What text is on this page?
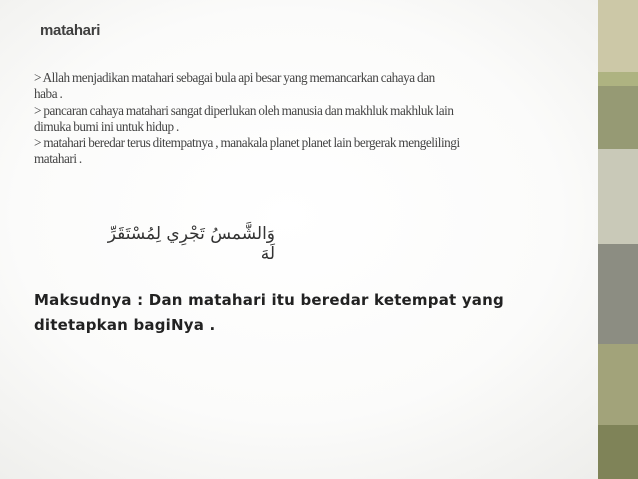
matahari
> Allah menjadikan matahari sebagai bula api besar yang memancarkan cahaya dan
haba .
> pancaran cahaya matahari sangat diperlukan oleh manusia dan makhluk makhluk lain
dimuka bumi ini untuk hidup .
> matahari beredar terus ditempatnya , manakala planet planet lain bergerak mengelilingi
matahari .
وَالشَّمسُ تَجْرِي لِمُسْتَقَرِّ لَهَ
Maksudnya : Dan matahari itu beredar ketempat yang
ditetapkan bagiNya .
